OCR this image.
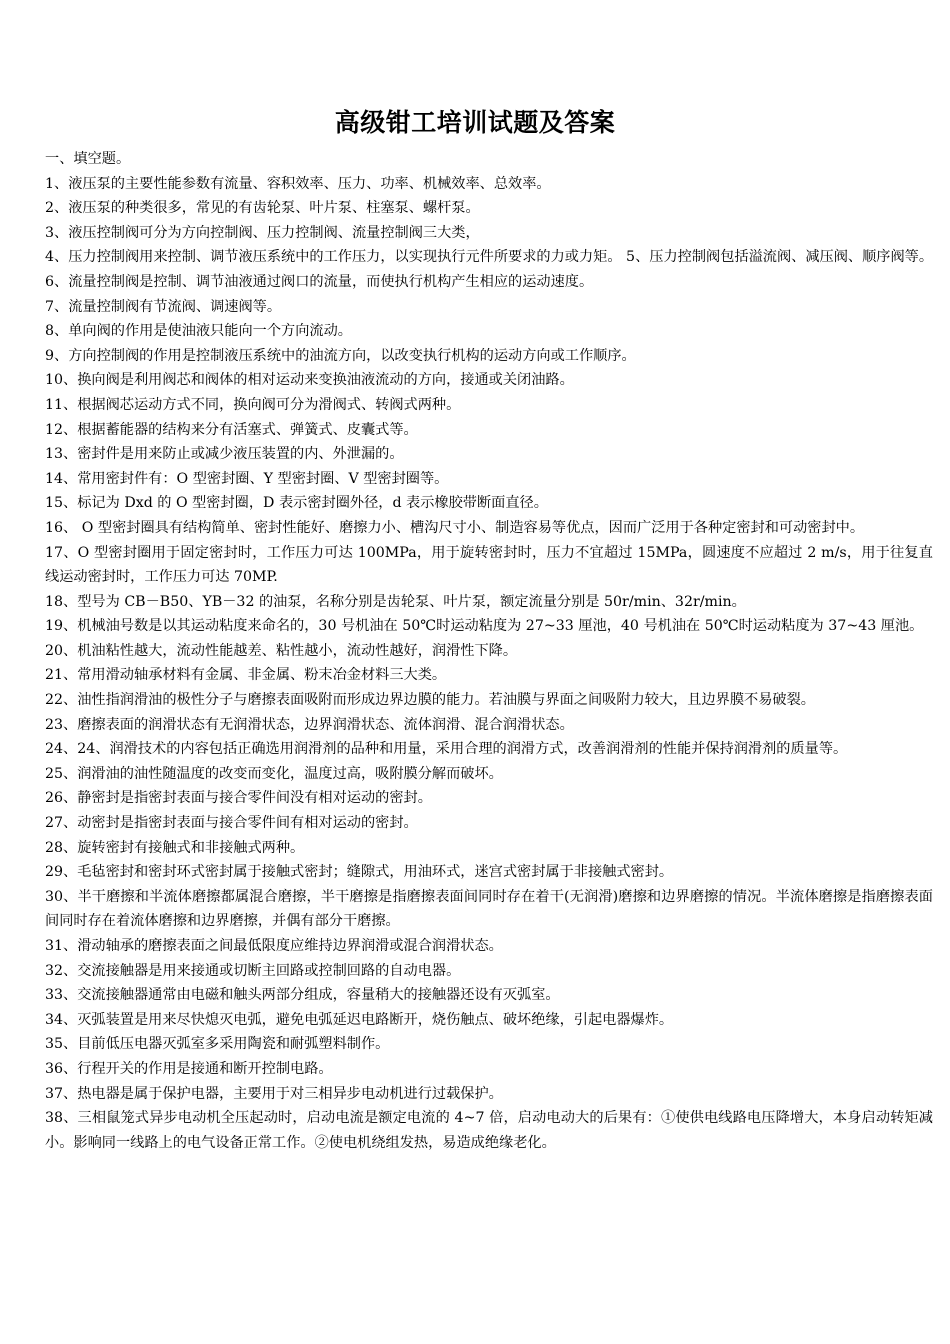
高级钳工培训试题及答案

一、填空题。

1、液压泵的主要性能参数有流量、容积效率、压力、功率、机械效率、总效率。

2、液压泵的种类很多，常见的有齿轮泵、叶片泵、柱塞泵、螺杆泵。

3、液压控制阀可分为方向控制阀、压力控制阀、流量控制阀三大类，

4、压力控制阀用来控制、调节液压系统中的工作压力，以实现执行元件所要求的力或力矩。 5、压力控制阀包括溢流阀、减压阀、顺序阀等。

6、流量控制阀是控制、调节油液通过阀口的流量，而使执行机构产生相应的运动速度。

7、流量控制阀有节流阀、调速阀等。

8、单向阀的作用是使油液只能向一个方向流动。

9、方向控制阀的作用是控制液压系统中的油流方向，以改变执行机构的运动方向或工作顺序。

10、换向阀是利用阀芯和阀体的相对运动来变换油液流动的方向，接通或关闭油路。

11、根据阀芯运动方式不同，换向阀可分为滑阀式、转阀式两种。

12、根据蓄能器的结构来分有活塞式、弹簧式、皮囊式等。

13、密封件是用来防止或减少液压装置的内、外泄漏的。

14、常用密封件有：O 型密封圈、Y 型密封圈、V 型密封圈等。

15、标记为 Dxd 的 O 型密封圈，D 表示密封圈外径，d 表示橡胶带断面直径。

16、 O 型密封圈具有结构简单、密封性能好、磨擦力小、槽沟尺寸小、制造容易等优点，因而广泛用于各种定密封和可动密封中。

17、O 型密封圈用于固定密封时，工作压力可达 100MPa，用于旋转密封时，压力不宜超过 15MPa，圆速度不应超过 2 m/s，用于往复直线运动密封时，工作压力可达 70MP.

18、型号为 CB－B50、YB－32 的油泵，名称分别是齿轮泵、叶片泵，额定流量分别是 50r/min、32r/min。

19、机械油号数是以其运动粘度来命名的，30 号机油在 50℃时运动粘度为 27~33 厘池，40 号机油在 50℃时运动粘度为 37~43 厘池。

20、机油粘性越大，流动性能越差、粘性越小，流动性越好，润滑性下降。

21、常用滑动轴承材料有金属、非金属、粉末冶金材料三大类。

22、油性指润滑油的极性分子与磨擦表面吸附而形成边界边膜的能力。若油膜与界面之间吸附力较大，且边界膜不易破裂。

23、磨擦表面的润滑状态有无润滑状态，边界润滑状态、流体润滑、混合润滑状态。

24、24、润滑技术的内容包括正确选用润滑剂的品种和用量，采用合理的润滑方式，改善润滑剂的性能并保持润滑剂的质量等。

25、润滑油的油性随温度的改变而变化，温度过高，吸附膜分解而破坏。

26、静密封是指密封表面与接合零件间没有相对运动的密封。

27、动密封是指密封表面与接合零件间有相对运动的密封。

28、旋转密封有接触式和非接触式两种。

29、毛毡密封和密封环式密封属于接触式密封；缝隙式，用油环式，迷宫式密封属于非接触式密封。

30、半干磨擦和半流体磨擦都属混合磨擦，半干磨擦是指磨擦表面间同时存在着干(无润滑)磨擦和边界磨擦的情况。半流体磨擦是指磨擦表面间同时存在着流体磨擦和边界磨擦，并偶有部分干磨擦。

31、滑动轴承的磨擦表面之间最低限度应维持边界润滑或混合润滑状态。

32、交流接触器是用来接通或切断主回路或控制回路的自动电器。

33、交流接触器通常由电磁和触头两部分组成，容量稍大的接触器还设有灭弧室。

34、灭弧装置是用来尽快熄灭电弧，避免电弧延迟电路断开，烧伤触点、破坏绝缘，引起电器爆炸。

35、目前低压电器灭弧室多采用陶瓷和耐弧塑料制作。

36、行程开关的作用是接通和断开控制电路。

37、热电器是属于保护电器，主要用于对三相异步电动机进行过载保护。

38、三相鼠笼式异步电动机全压起动时，启动电流是额定电流的 4~7 倍，启动电动大的后果有：①使供电线路电压降增大，本身启动转矩减小。影响同一线路上的电气设备正常工作。②使电机绕组发热，易造成绝缘老化。
